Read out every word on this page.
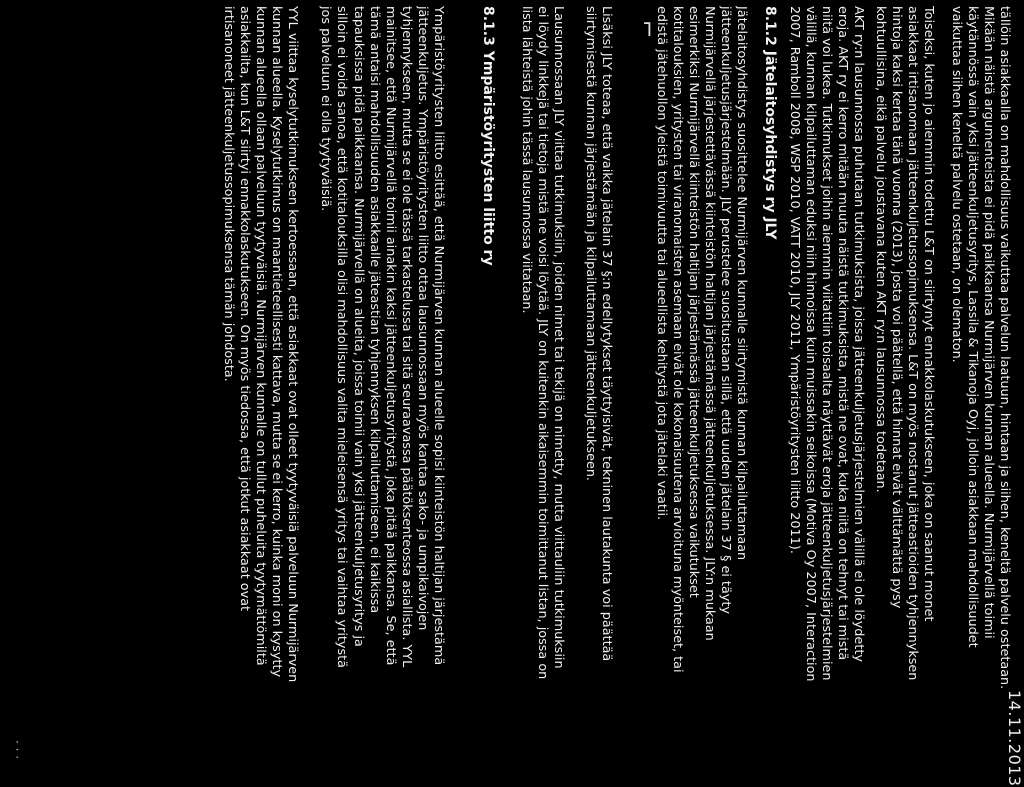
14.11.2013
· · ·
⌐	tällöin asiakkaalla on mahdollisuus vaikuttaa palvelun laatuun, hintaan ja siihen, keneltä palvelu ostetaan.
Mikään näistä argumenteista ei pidä paikkaansa Nurmijärven kunnan alueella. Nurmijärvellä toimii
käytännössä vain yksi jätteenkuljetusyritys, Lassila & Tikanoja Oyj, jolloin asiakkaan mahdollisuudet
vaikuttaa siihen keneltä palvelu ostetaan, on olematon.
Toiseksi, kuten jo aiemmin todettu L&T on siirtynyt ennakkolaskutukseen, joka on saanut monet
asiakkaat irtisanomaan jätteenkuljetussopimuksensa. L&T on myös nostanut jätteastioiden tyhjennyksen
hintoja kaksi kertaa tänä vuonna (2013), josta voi päätellä, että hinnat eivät välttämättä pysy
kohtuullisina, eikä palvelu joustavana kuten AKT ry:n lausunnossa todetaan.
AKT ry:n lausunnossa puhutaan tutkimuksista, joissa jätteenkuljetusjärjestelmien välillä ei ole löydetty
eroja. AKT ry ei kerro mitään muuta näistä tutkimuksista, mistä ne ovat, kuka niitä on tehnyt tai mistä
niitä voi lukea. Tutkimukset joihin aiemmin viitattiin toisaalta näyttävät eroja jätteenkuljetusjärjestelmien
välillä, kunnan kilpailuttaman eduksi niin hinnoissa kuin muissakin seikoissa (Motiva Oy 2007, Interaction
2007, Ramboll 2008, WSP 2010, VATT 2010, JLY 2011, Ympäristöyritysten liitto 2011).
8.1.2 Jätelaitosyhdistys ry JLY
Jätelaitosyhdistys suosittelee Nurmijärven kunnalle siirtymistä kunnan kilpailuttamaan
jätteenkuljetusjärjestelmään. JLY perustelee suositustaan sillä, että uuden jätelain 37 § ei täyty
Nurmijärvellä järjestettävässä kiinteistön haltijan järjestämässä jätteenkuljetuksessa. JLY:n mukaan
esimerkiksi Nurmijärvellä kiinteistön haltijan järjestämässä jätteenkuljetuksessa vaikutukset
kotitalouksien, yritysten tai viranomaisten asemaan eivät ole kokonaisuutena arvioituna myönteiset, tai
edistä jätehuollon yleistä toimivuutta tai alueellista kehitystä jota jätelaki vaatii.
Lisäksi JLY toteaa, että vaikka jätelain 37 §:n edellytykset täyttyisivät, tekninen lautakunta voi päättää
siirtymisestä kunnan järjestämään ja kilpailuttamaan jätteenkuljetukseen.
Lausunnossaan JLY viittaa tutkimuksiin, joiden nimet tai tekijä on nimetty, mutta viittauliin tutkimuksiin
ei löydy linkkejä tai tietoja mistä ne voisi löytää. JLY on kuitenkin aikaisemmin toimittanut listan, jossa on
lista lähteistä johin tässä lausunnossa viitataan.
8.1.3 Ympäristöyritysten liitto ry
Ympäristöyritysten liitto esittää, että Nurmijärven kunnan alueelle sopisi kiinteistön haltijan järjestämä
jätteenkuljetus. Ympäristöyritysten liitto ottaa lausunnossaan myös kantaa sako- ja umpikaivojen
tyhjennykseen, mutta se ei ole tässä tarkastelussa tai sitä seuraavassa päätöksenteossa asiallista. YYL
mainitsee, että Nurmijärvellä toimii ainakin kaksi jätteenkuljetusyritystä, joka pitää paikkansa. Se, että
tämä antaisi mahdollisuuden asiakkaalle jäteastian tyhjennyksen kilpailuttamiseen, ei kaikissa
tapauksissa pidä paikkaansa. Nurmijärvellä on alueita, joissa toimii vain yksi jätteenkuljetusyritys ja
silloin ei voida sanoa, että kotitalouksilla olisi mahdollisuus valita mieleisensä yritys tai vaihtaa yritystä
jos palveluun ei olla tyytyväisiä.
YYL viittaa kyselytutkimukseen kertoessaan, että asiakkaat ovat olleet tyytyväisiä palveluun Nurmijärven
kunnan alueella. Kyselytutkimus on maantieteellisesti kattava, mutta se ei kerro, kuinka moni on kysytty
kunnan alueella ollaan palveluun tyytyväisiä. Nurmijärven kunnalle on tullut puheluita tyytymättömiltä
asiakkailta, kun L&T siirtyi ennakkolaskutukseen. On myös tiedossa, että jotkut asiakkaat ovat
irtisanoneet jätteenkuljetussopimuksensa tämän johdosta.
